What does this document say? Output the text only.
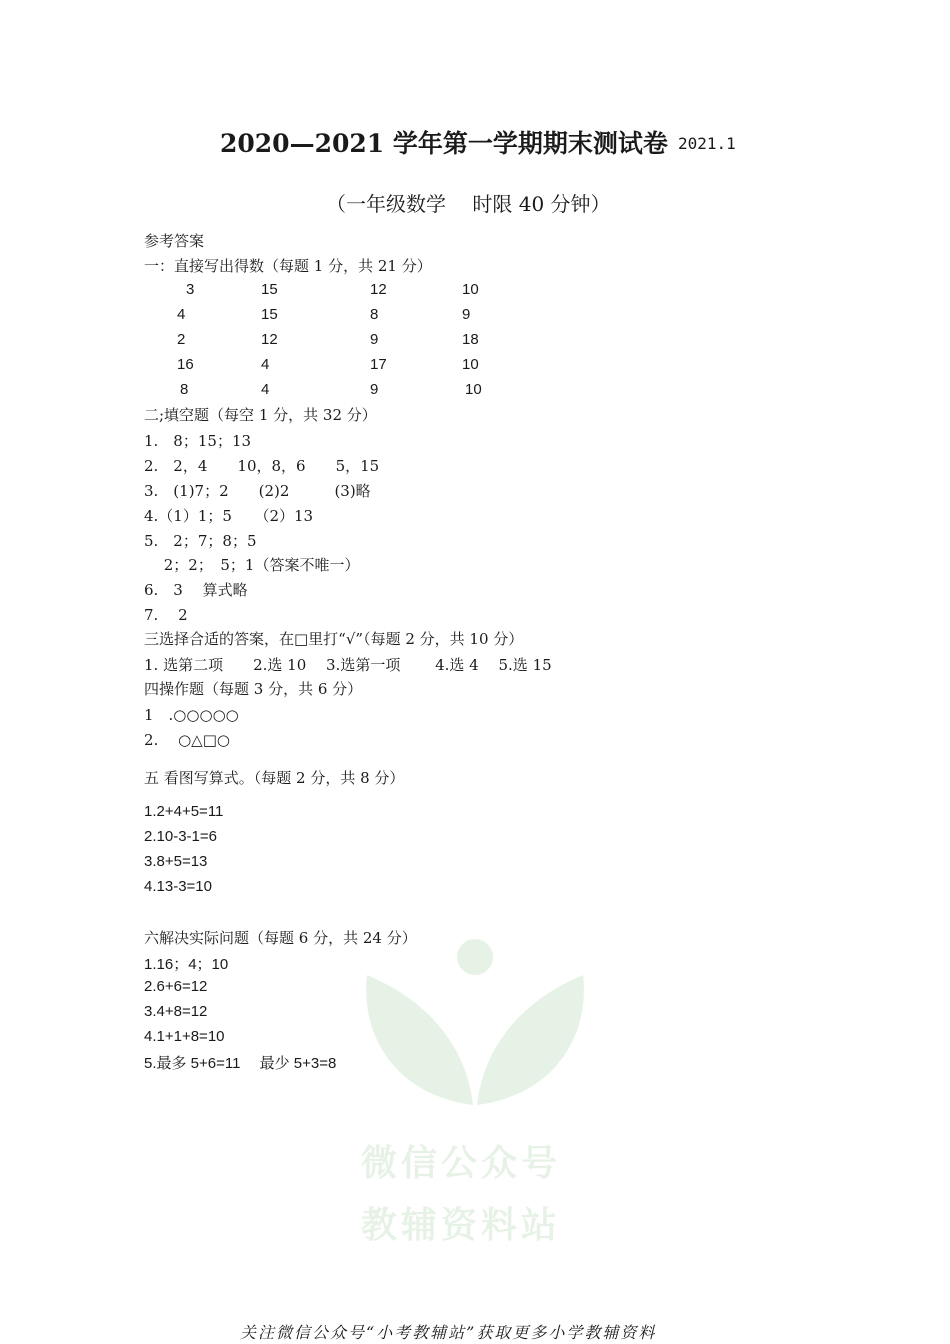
微信公众号
教辅资料站
2020—2021 学年第一学期期末测试卷 2021.1
（一年级数学　 时限 40 分钟）
参考答案
一：直接写出得数（每题 1 分，共 21 分）
3	15	12	10
4	15	8	9
2	12	9	18
16	4	17	10
8	4	9	10
二;填空题（每空 1 分，共 32 分）
1.　8；15；13
2.　2，4　　10，8，6　　5，15
3.　(1)7；2　　(2)2　　　(3)略
4.（1）1；5　　（2）13
5.　2；7；8；5
　 2；2；　5；1（答案不唯一）
6.　3　 算式略
7.　 2
三选择合适的答案，在□里打“√”（每题 2 分，共 10 分）
1. 选第二项　　2.选 10　 3.选第一项　　 4.选 4　 5.选 15
四操作题（每题 3 分，共 6 分）
1　.○○○○○
2.　 ○△□○
五 看图写算式。（每题 2 分，共 8 分）
1.2+4+5=11
2.10-3-1=6
3.8+5=13
4.13-3=10
六解决实际问题（每题 6 分，共 24 分）
1.16；4；10
2.6+6=12
3.4+8=12
4.1+1+8=10
5.最多 5+6=11　 最少 5+3=8
关注微信公众号“小考教辅站”获取更多小学教辅资料
